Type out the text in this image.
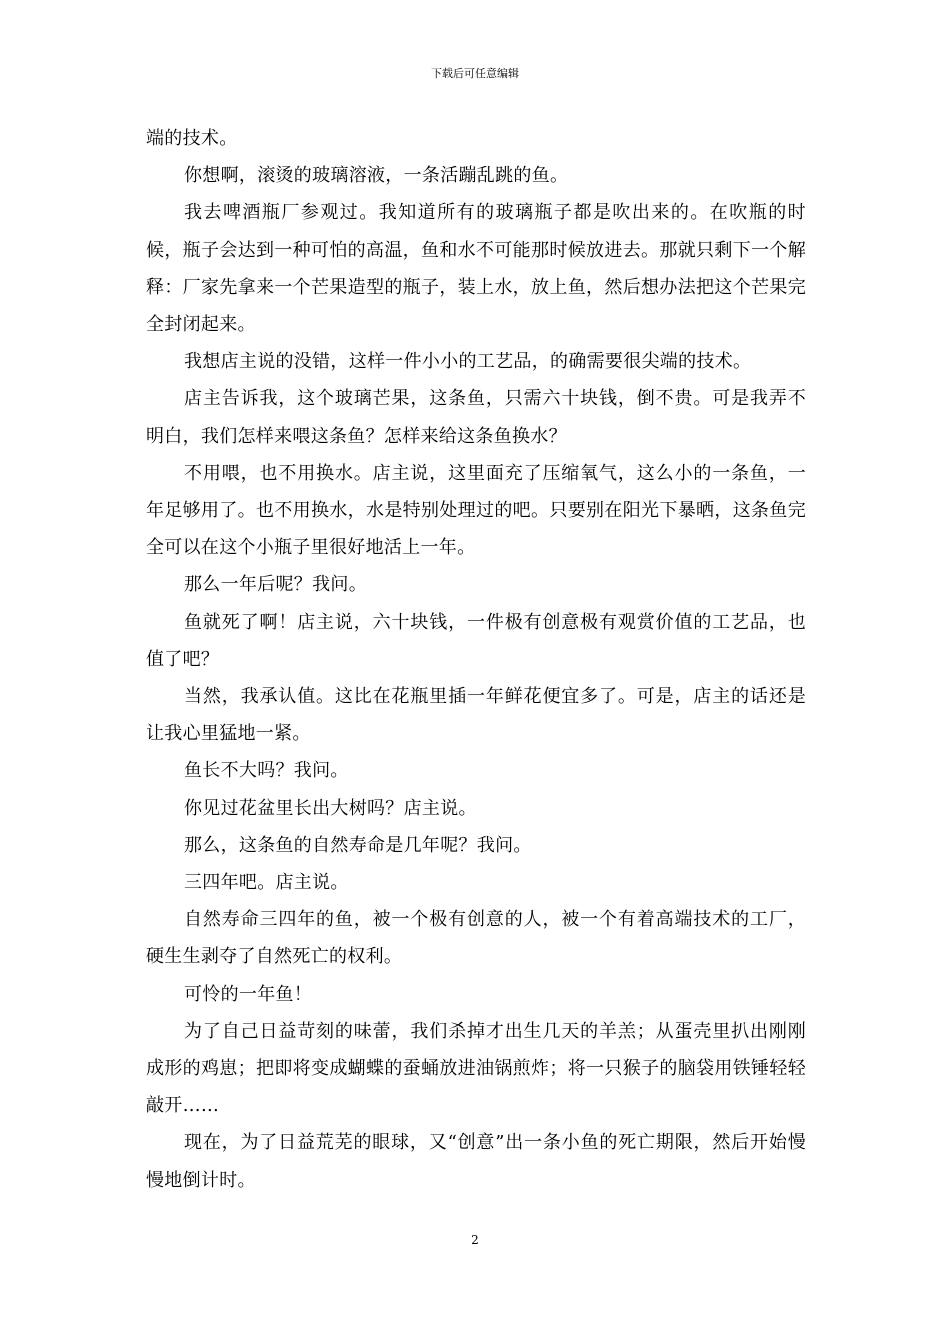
下载后可任意编辑

端的技术。

你想啊，滚烫的玻璃溶液，一条活蹦乱跳的鱼。

我去啤酒瓶厂参观过。我知道所有的玻璃瓶子都是吹出来的。在吹瓶的时候，瓶子会达到一种可怕的高温，鱼和水不可能那时候放进去。那就只剩下一个解释：厂家先拿来一个芒果造型的瓶子，装上水，放上鱼，然后想办法把这个芒果完全封闭起来。

我想店主说的没错，这样一件小小的工艺品，的确需要很尖端的技术。

店主告诉我，这个玻璃芒果，这条鱼，只需六十块钱，倒不贵。可是我弄不明白，我们怎样来喂这条鱼？怎样来给这条鱼换水？

不用喂，也不用换水。店主说，这里面充了压缩氧气，这么小的一条鱼，一年足够用了。也不用换水，水是特别处理过的吧。只要别在阳光下暴晒，这条鱼完全可以在这个小瓶子里很好地活上一年。

那么一年后呢？我问。

鱼就死了啊！店主说，六十块钱，一件极有创意极有观赏价值的工艺品，也值了吧？

当然，我承认值。这比在花瓶里插一年鲜花便宜多了。可是，店主的话还是让我心里猛地一紧。

鱼长不大吗？我问。

你见过花盆里长出大树吗？店主说。

那么，这条鱼的自然寿命是几年呢？我问。

三四年吧。店主说。

自然寿命三四年的鱼，被一个极有创意的人，被一个有着高端技术的工厂，硬生生剥夺了自然死亡的权利。

可怜的一年鱼！

为了自己日益苛刻的味蕾，我们杀掉才出生几天的羊羔；从蛋壳里扒出刚刚成形的鸡崽；把即将变成蝴蝶的蚕蛹放进油锅煎炸；将一只猴子的脑袋用铁锤轻轻敲开……

现在，为了日益荒芜的眼球，又“创意”出一条小鱼的死亡期限，然后开始慢慢地倒计时。

2
